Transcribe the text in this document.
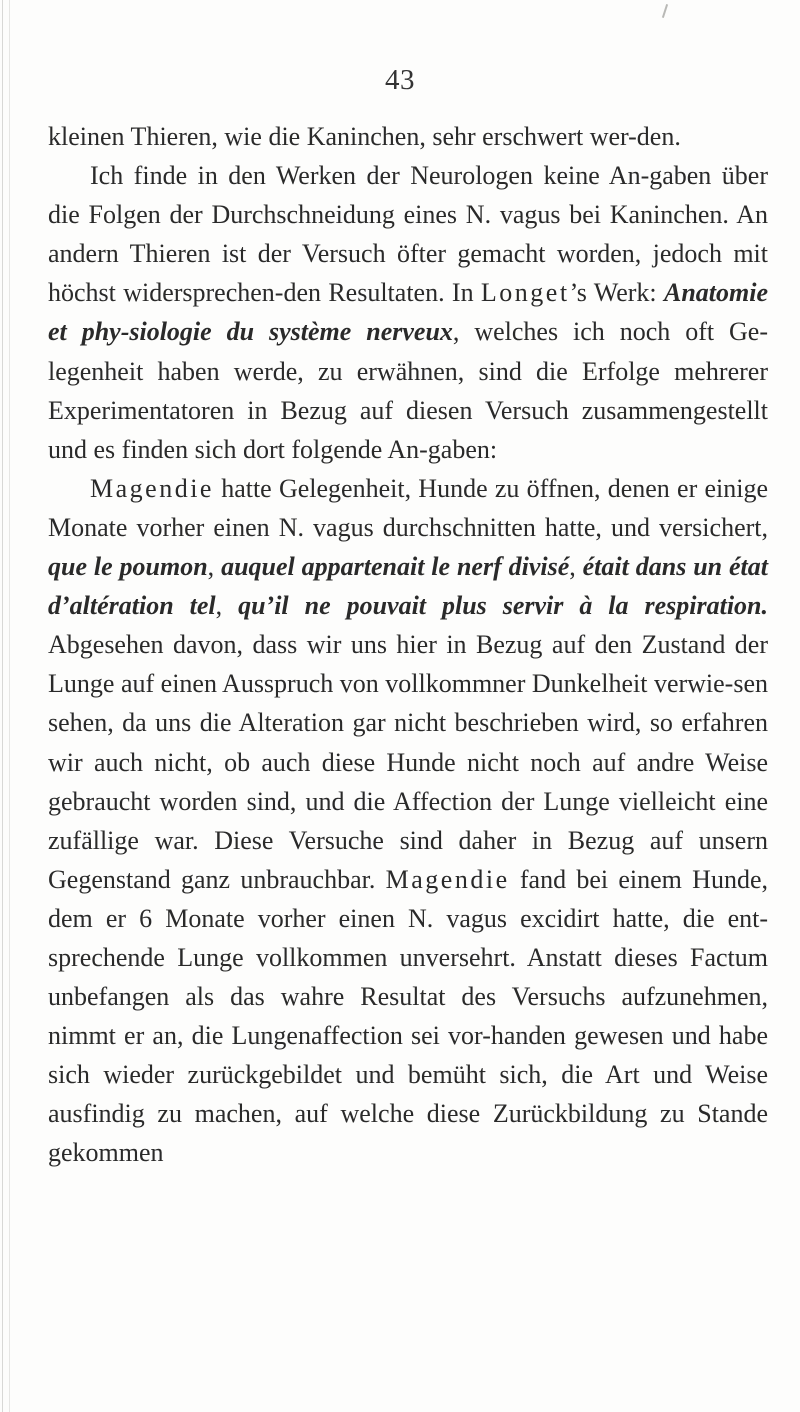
43

kleinen Thieren, wie die Kaninchen, sehr erschwert wer-den.

Ich finde in den Werken der Neurologen keine An-gaben über die Folgen der Durchschneidung eines N. vagus bei Kaninchen. An andern Thieren ist der Versuch öfter gemacht worden, jedoch mit höchst widersprechen-den Resultaten. In Longet’s Werk: Anatomie et phy-siologie du système nerveux, welches ich noch oft Ge-legenheit haben werde, zu erwähnen, sind die Erfolge mehrerer Experimentatoren in Bezug auf diesen Versuch zusammengestellt und es finden sich dort folgende An-gaben:

Magendie hatte Gelegenheit, Hunde zu öffnen, denen er einige Monate vorher einen N. vagus durchschnitten hatte, und versichert, que le poumon, auquel appartenait le nerf divisé, était dans un état d’altération tel, qu’il ne pouvait plus servir à la respiration. Abgesehen davon, dass wir uns hier in Bezug auf den Zustand der Lunge auf einen Ausspruch von vollkommner Dunkelheit verwie-sen sehen, da uns die Alteration gar nicht beschrieben wird, so erfahren wir auch nicht, ob auch diese Hunde nicht noch auf andre Weise gebraucht worden sind, und die Affection der Lunge vielleicht eine zufällige war. Diese Versuche sind daher in Bezug auf unsern Gegenstand ganz unbrauchbar. Magendie fand bei einem Hunde, dem er 6 Monate vorher einen N. vagus excidirt hatte, die ent-sprechende Lunge vollkommen unversehrt. Anstatt dieses Factum unbefangen als das wahre Resultat des Versuchs aufzunehmen, nimmt er an, die Lungenaffection sei vor-handen gewesen und habe sich wieder zurückgebildet und bemüht sich, die Art und Weise ausfindig zu machen, auf welche diese Zurückbildung zu Stande gekommen
